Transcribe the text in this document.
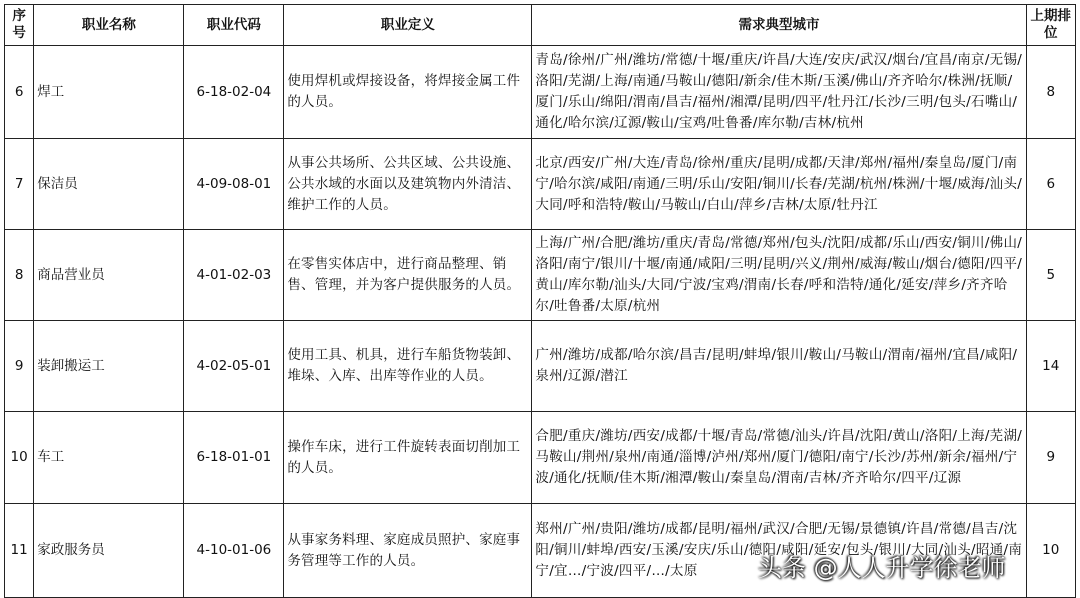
序号	职业名称	职业代码	职业定义	需求典型城市	上期排位
6	焊工	6-18-02-04	使用焊机或焊接设备，将焊接金属工件的人员。	青岛/徐州/广州/潍坊/常德/十堰/重庆/许昌/大连/安庆/武汉/烟台/宜昌/南京/无锡/洛阳/芜湖/上海/南通/马鞍山/德阳/新余/佳木斯/玉溪/佛山/齐齐哈尔/株洲/抚顺/厦门/乐山/绵阳/渭南/昌吉/福州/湘潭/昆明/四平/牡丹江/长沙/三明/包头/石嘴山/通化/哈尔滨/辽源/鞍山/宝鸡/吐鲁番/库尔勒/吉林/杭州	8
7	保洁员	4-09-08-01	从事公共场所、公共区域、公共设施、公共水域的水面以及建筑物内外清洁、维护工作的人员。	北京/西安/广州/大连/青岛/徐州/重庆/昆明/成都/天津/郑州/福州/秦皇岛/厦门/南宁/哈尔滨/咸阳/南通/三明/乐山/安阳/铜川/长春/芜湖/杭州/株洲/十堰/威海/汕头/大同/呼和浩特/鞍山/马鞍山/白山/萍乡/吉林/太原/牡丹江	6
8	商品营业员	4-01-02-03	在零售实体店中，进行商品整理、销售、管理，并为客户提供服务的人员。	上海/广州/合肥/潍坊/重庆/青岛/常德/郑州/包头/沈阳/成都/乐山/西安/铜川/佛山/洛阳/南宁/银川/十堰/南通/咸阳/三明/昆明/兴义/荆州/威海/鞍山/烟台/德阳/四平/黄山/库尔勒/汕头/大同/宁波/宝鸡/渭南/长春/呼和浩特/通化/延安/萍乡/齐齐哈尔/吐鲁番/太原/杭州	5
9	装卸搬运工	4-02-05-01	使用工具、机具，进行车船货物装卸、堆垛、入库、出库等作业的人员。	广州/潍坊/成都/哈尔滨/昌吉/昆明/蚌埠/银川/鞍山/马鞍山/渭南/福州/宜昌/咸阳/泉州/辽源/潜江	14
10	车工	6-18-01-01	操作车床，进行工件旋转表面切削加工的人员。	合肥/重庆/潍坊/西安/成都/十堰/青岛/常德/汕头/许昌/沈阳/黄山/洛阳/上海/芜湖/马鞍山/荆州/泉州/南通/淄博/泸州/郑州/厦门/德阳/南宁/长沙/苏州/新余/福州/宁波/通化/抚顺/佳木斯/湘潭/鞍山/秦皇岛/渭南/吉林/齐齐哈尔/四平/辽源	9
11	家政服务员	4-10-01-06	从事家务料理、家庭成员照护、家庭事务管理等工作的人员。	郑州/广州/贵阳/潍坊/成都/昆明/福州/武汉/合肥/无锡/景德镇/许昌/常德/昌吉/沈阳/铜川/蚌埠/西安/玉溪/安庆/乐山/德阳/咸阳/延安/包头/银川/大同/汕头/昭通/南宁/宜…/宁波/四平/…/太原	10
头条 @人人升学徐老师
